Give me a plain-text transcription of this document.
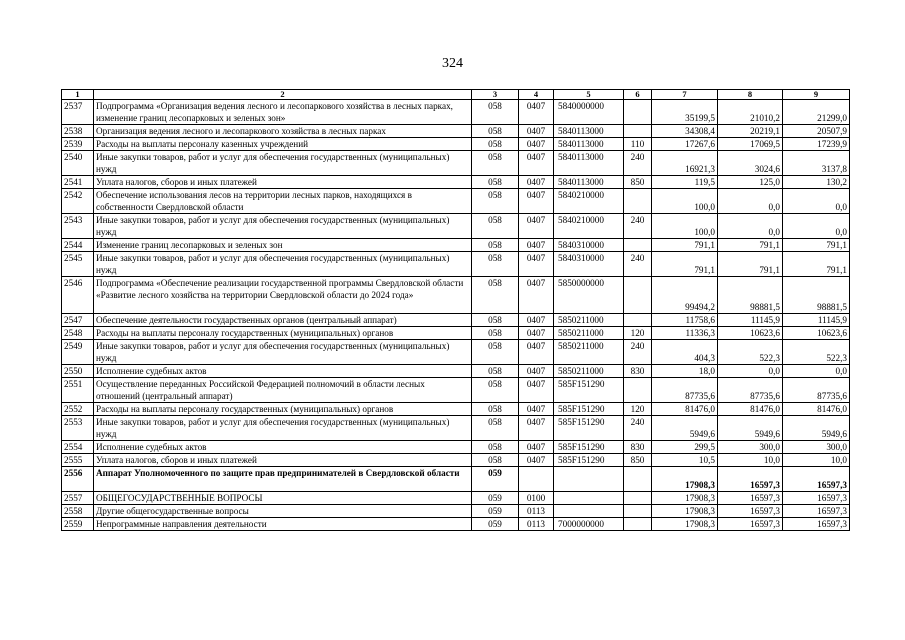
324
1	2	3	4	5	6	7	8	9
2537	Подпрограмма «Организация ведения лесного и лесопаркового хозяйства в лесных парках, изменение границ лесопарковых и зеленых зон»	058	0407	5840000000		35199,5	21010,2	21299,0
2538	Организация ведения лесного и лесопаркового хозяйства в лесных парках	058	0407	5840113000		34308,4	20219,1	20507,9
2539	Расходы на выплаты персоналу казенных учреждений	058	0407	5840113000	110	17267,6	17069,5	17239,9
2540	Иные закупки товаров, работ и услуг для обеспечения государственных (муниципальных) нужд	058	0407	5840113000	240	16921,3	3024,6	3137,8
2541	Уплата налогов, сборов и иных платежей	058	0407	5840113000	850	119,5	125,0	130,2
2542	Обеспечение использования лесов на территории лесных парков, находящихся в собственности Свердловской области	058	0407	5840210000		100,0	0,0	0,0
2543	Иные закупки товаров, работ и услуг для обеспечения государственных (муниципальных) нужд	058	0407	5840210000	240	100,0	0,0	0,0
2544	Изменение границ лесопарковых и зеленых зон	058	0407	5840310000		791,1	791,1	791,1
2545	Иные закупки товаров, работ и услуг для обеспечения государственных (муниципальных) нужд	058	0407	5840310000	240	791,1	791,1	791,1
2546	Подпрограмма «Обеспечение реализации государственной программы Свердловской области «Развитие лесного хозяйства на территории Свердловской области до 2024 года»	058	0407	5850000000		99494,2	98881,5	98881,5
2547	Обеспечение деятельности государственных органов (центральный аппарат)	058	0407	5850211000		11758,6	11145,9	11145,9
2548	Расходы на выплаты персоналу государственных (муниципальных) органов	058	0407	5850211000	120	11336,3	10623,6	10623,6
2549	Иные закупки товаров, работ и услуг для обеспечения государственных (муниципальных) нужд	058	0407	5850211000	240	404,3	522,3	522,3
2550	Исполнение судебных актов	058	0407	5850211000	830	18,0	0,0	0,0
2551	Осуществление переданных Российской Федерацией полномочий в области лесных отношений (центральный аппарат)	058	0407	585F151290		87735,6	87735,6	87735,6
2552	Расходы на выплаты персоналу государственных (муниципальных) органов	058	0407	585F151290	120	81476,0	81476,0	81476,0
2553	Иные закупки товаров, работ и услуг для обеспечения государственных (муниципальных) нужд	058	0407	585F151290	240	5949,6	5949,6	5949,6
2554	Исполнение судебных актов	058	0407	585F151290	830	299,5	300,0	300,0
2555	Уплата налогов, сборов и иных платежей	058	0407	585F151290	850	10,5	10,0	10,0
2556	Аппарат Уполномоченного по защите прав предпринимателей в Свердловской области	059				17908,3	16597,3	16597,3
2557	ОБЩЕГОСУДАРСТВЕННЫЕ ВОПРОСЫ	059	0100			17908,3	16597,3	16597,3
2558	Другие общегосударственные вопросы	059	0113			17908,3	16597,3	16597,3
2559	Непрограммные направления деятельности	059	0113	7000000000		17908,3	16597,3	16597,3
